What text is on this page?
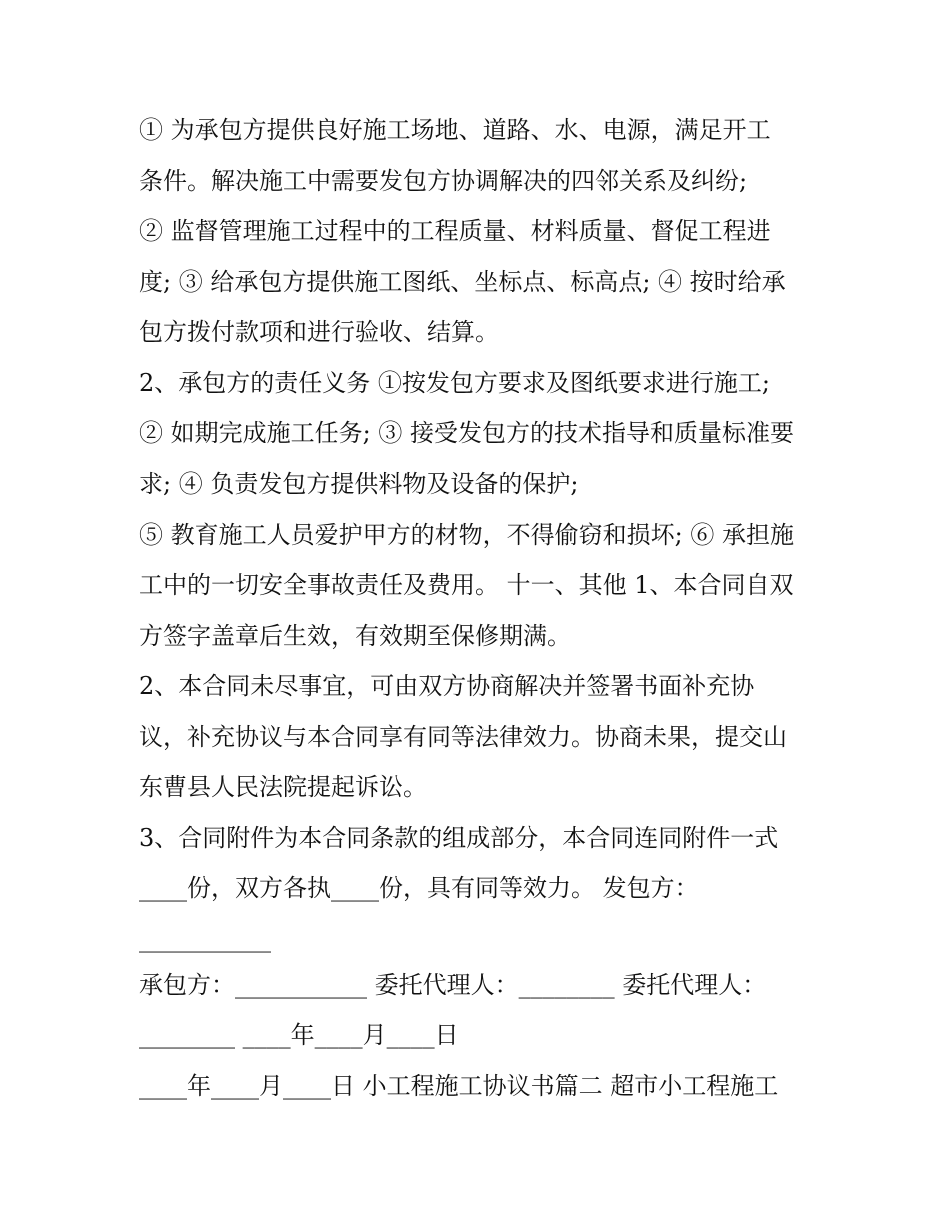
① 为承包方提供良好施工场地、道路、水、电源，满足开工
条件。解决施工中需要发包方协调解决的四邻关系及纠纷;
② 监督管理施工过程中的工程质量、材料质量、督促工程进
度; ③ 给承包方提供施工图纸、坐标点、标高点; ④ 按时给承
包方拨付款项和进行验收、结算。
2、承包方的责任义务 ①按发包方要求及图纸要求进行施工;
② 如期完成施工任务; ③ 接受发包方的技术指导和质量标准要
求; ④ 负责发包方提供料物及设备的保护;
⑤ 教育施工人员爱护甲方的材物，不得偷窃和损坏; ⑥ 承担施
工中的一切安全事故责任及费用。 十一、其他 1、本合同自双
方签字盖章后生效，有效期至保修期满。
2、本合同未尽事宜，可由双方协商解决并签署书面补充协
议，补充协议与本合同享有同等法律效力。协商未果，提交山
东曹县人民法院提起诉讼。
3、合同附件为本合同条款的组成部分，本合同连同附件一式
____份，双方各执____份，具有同等效力。 发包方：
___________
承包方：___________ 委托代理人：________ 委托代理人：
________ ____年____月____日
____年____月____日 小工程施工协议书篇二 超市小工程施工
